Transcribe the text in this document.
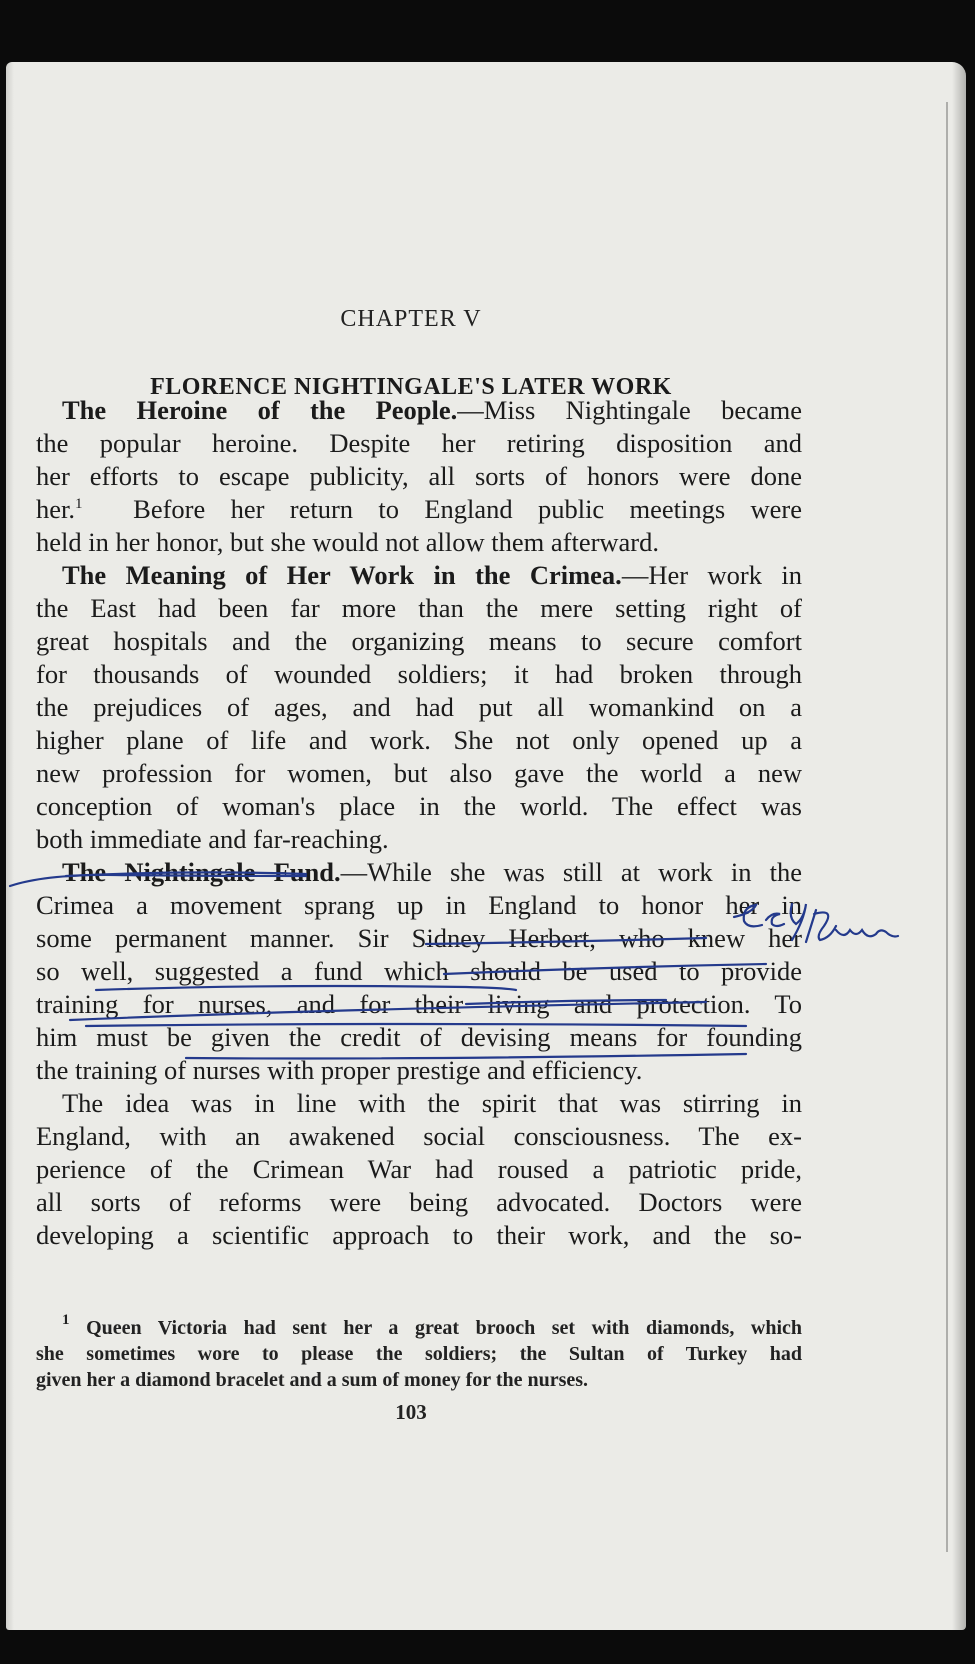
CHAPTER V
FLORENCE NIGHTINGALE'S LATER WORK
The Heroine of the People.—Miss Nightingale became
the popular heroine. Despite her retiring disposition and
her efforts to escape publicity, all sorts of honors were done
her.$^1$ Before her return to England public meetings were
held in her honor, but she would not allow them afterward.
The Meaning of Her Work in the Crimea.—Her work in
the East had been far more than the mere setting right of
great hospitals and the organizing means to secure comfort
for thousands of wounded soldiers; it had broken through
the prejudices of ages, and had put all womankind on a
higher plane of life and work. She not only opened up a
new profession for women, but also gave the world a new
conception of woman's place in the world. The effect was
both immediate and far-reaching.
The Nightingale Fund.—While she was still at work in the
Crimea a movement sprang up in England to honor her in
some permanent manner. Sir Sidney Herbert, who knew her
so well, suggested a fund which should be used to provide
training for nurses, and for their living and protection. To
him must be given the credit of devising means for founding
the training of nurses with proper prestige and efficiency.
The idea was in line with the spirit that was stirring in
England, with an awakened social consciousness. The ex-
perience of the Crimean War had roused a patriotic pride,
all sorts of reforms were being advocated. Doctors were
developing a scientific approach to their work, and the so-
$^1$ Queen Victoria had sent her a great brooch set with diamonds, which
she sometimes wore to please the soldiers; the Sultan of Turkey had
given her a diamond bracelet and a sum of money for the nurses.
103
